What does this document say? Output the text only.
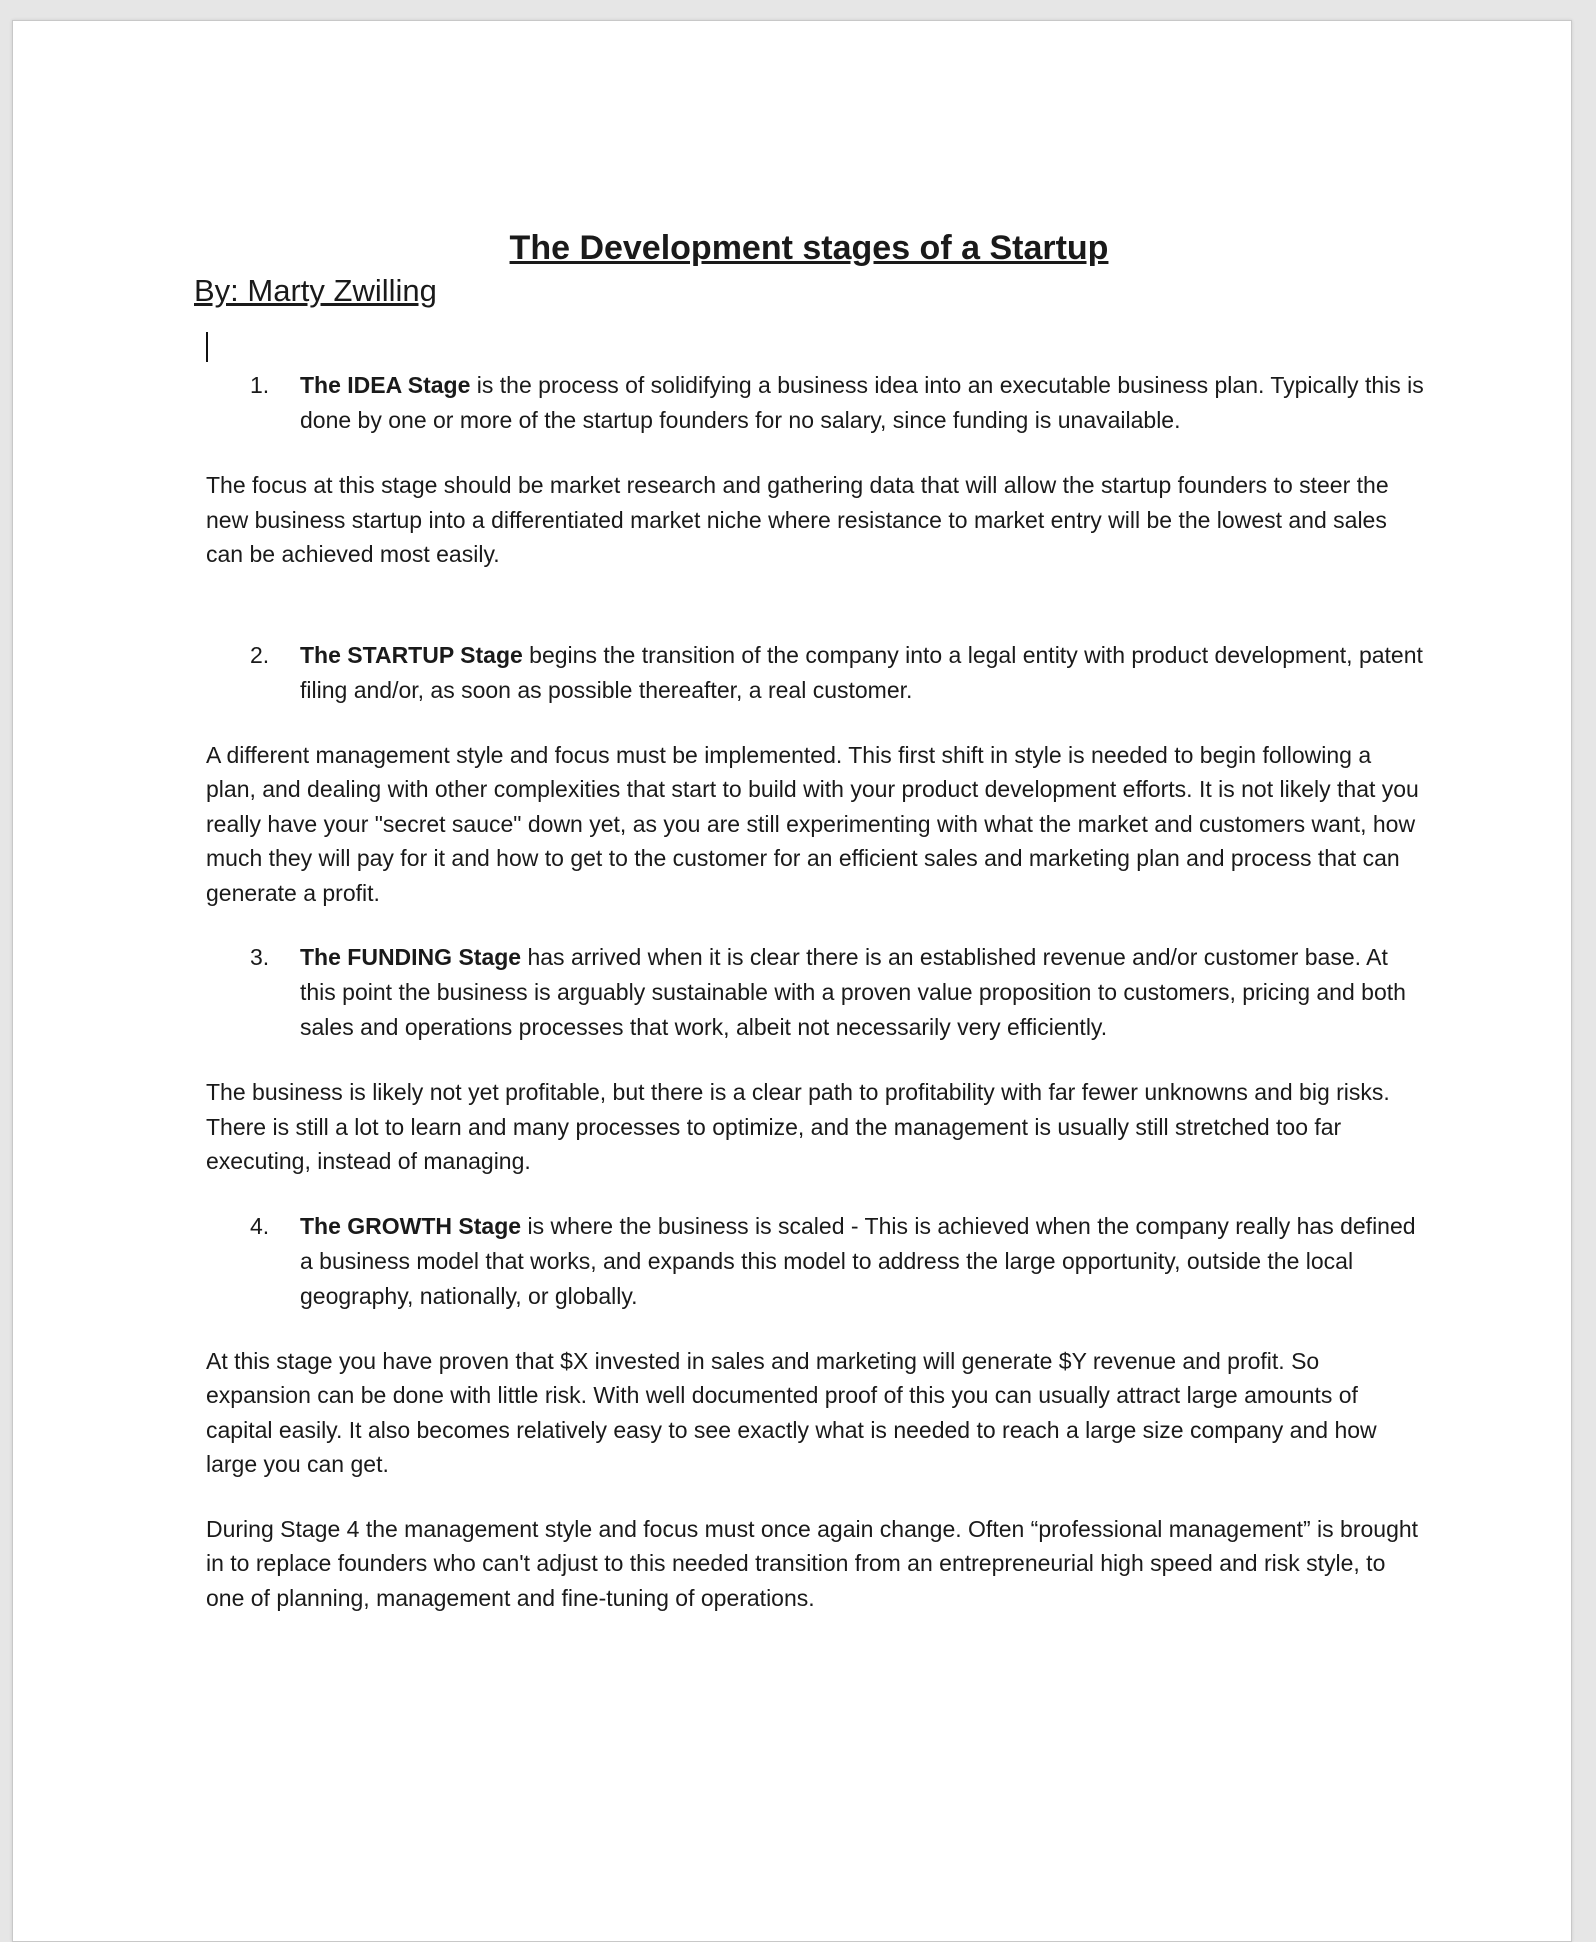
The Development stages of a Startup
By: Marty Zwilling
1.	The IDEA Stage is the process of solidifying a business idea into an executable business plan. Typically this is done by one or more of the startup founders for no salary, since funding is unavailable.

The focus at this stage should be market research and gathering data that will allow the startup founders to steer the new business startup into a differentiated market niche where resistance to market entry will be the lowest and sales can be achieved most easily.

2.	The STARTUP Stage begins the transition of the company into a legal entity with product development, patent filing and/or, as soon as possible thereafter, a real customer.

A different management style and focus must be implemented. This first shift in style is needed to begin following a plan, and dealing with other complexities that start to build with your product development efforts. It is not likely that you really have your "secret sauce" down yet, as you are still experimenting with what the market and customers want, how much they will pay for it and how to get to the customer for an efficient sales and marketing plan and process that can generate a profit.

3.	The FUNDING Stage has arrived when it is clear there is an established revenue and/or customer base. At this point the business is arguably sustainable with a proven value proposition to customers, pricing and both sales and operations processes that work, albeit not necessarily very efficiently.

The business is likely not yet profitable, but there is a clear path to profitability with far fewer unknowns and big risks. There is still a lot to learn and many processes to optimize, and the management is usually still stretched too far executing, instead of managing.

4.	The GROWTH Stage is where the business is scaled - This is achieved when the company really has defined a business model that works, and expands this model to address the large opportunity, outside the local geography, nationally, or globally.

At this stage you have proven that $X invested in sales and marketing will generate $Y revenue and profit. So expansion can be done with little risk. With well documented proof of this you can usually attract large amounts of capital easily. It also becomes relatively easy to see exactly what is needed to reach a large size company and how large you can get.

During Stage 4 the management style and focus must once again change. Often “professional management” is brought in to replace founders who can't adjust to this needed transition from an entrepreneurial high speed and risk style, to one of planning, management and fine-tuning of operations.
